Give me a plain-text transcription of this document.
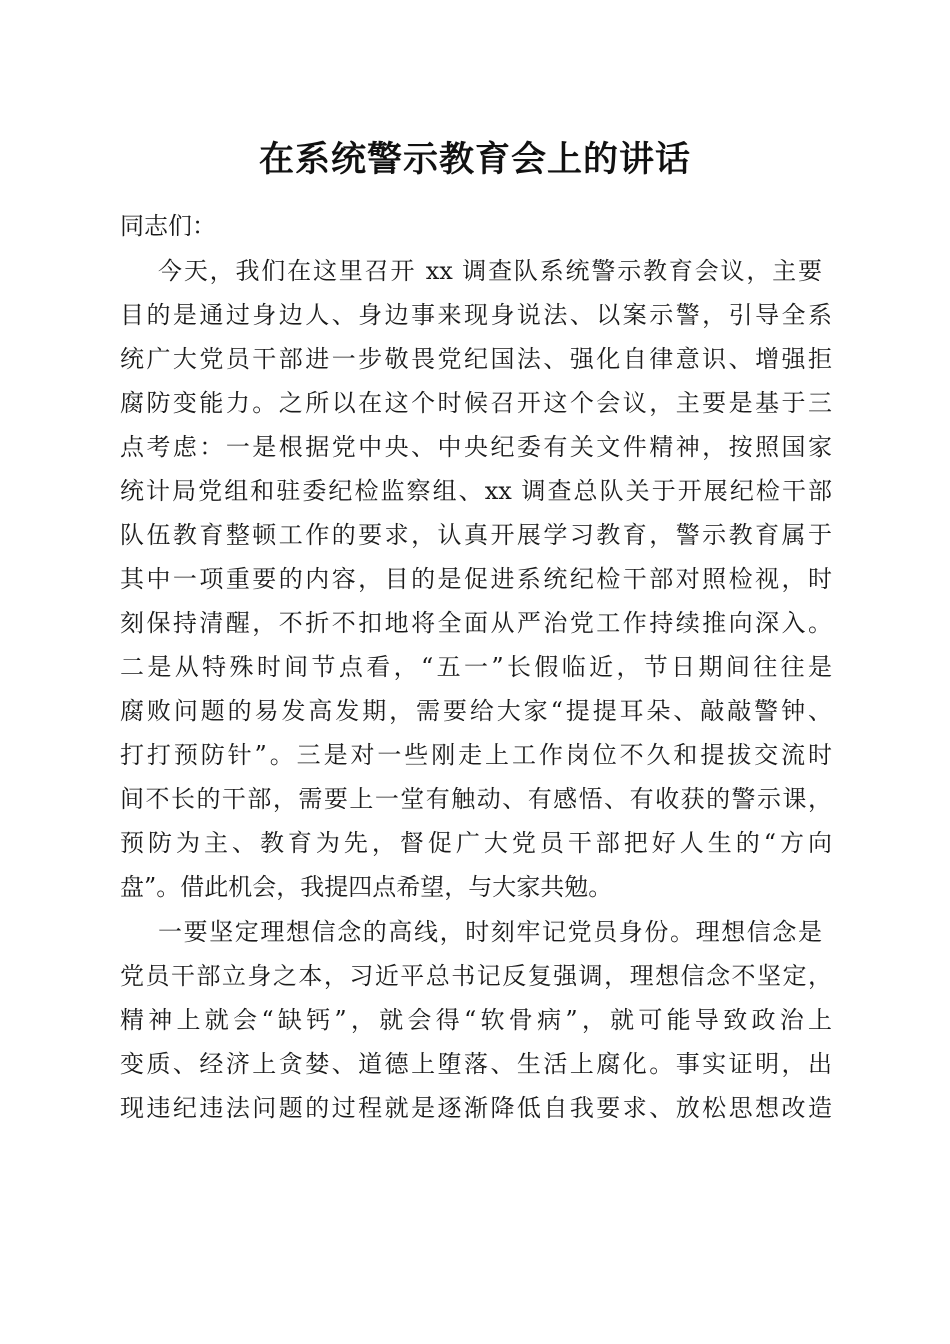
在系统警示教育会上的讲话
同志们：
今天，我们在这里召开 xx 调查队系统警示教育会议，主要
目的是通过身边人、身边事来现身说法、以案示警，引导全系
统广大党员干部进一步敬畏党纪国法、强化自律意识、增强拒
腐防变能力。之所以在这个时候召开这个会议，主要是基于三
点考虑：一是根据党中央、中央纪委有关文件精神，按照国家
统计局党组和驻委纪检监察组、xx 调查总队关于开展纪检干部
队伍教育整顿工作的要求，认真开展学习教育，警示教育属于
其中一项重要的内容，目的是促进系统纪检干部对照检视，时
刻保持清醒，不折不扣地将全面从严治党工作持续推向深入。
二是从特殊时间节点看，“五一”长假临近，节日期间往往是
腐败问题的易发高发期，需要给大家“提提耳朵、敲敲警钟、
打打预防针”。三是对一些刚走上工作岗位不久和提拔交流时
间不长的干部，需要上一堂有触动、有感悟、有收获的警示课，
预防为主、教育为先，督促广大党员干部把好人生的“方向
盘”。借此机会，我提四点希望，与大家共勉。
一要坚定理想信念的高线，时刻牢记党员身份。理想信念是
党员干部立身之本，习近平总书记反复强调，理想信念不坚定，
精神上就会“缺钙”，就会得“软骨病”，就可能导致政治上
变质、经济上贪婪、道德上堕落、生活上腐化。事实证明，出
现违纪违法问题的过程就是逐渐降低自我要求、放松思想改造
